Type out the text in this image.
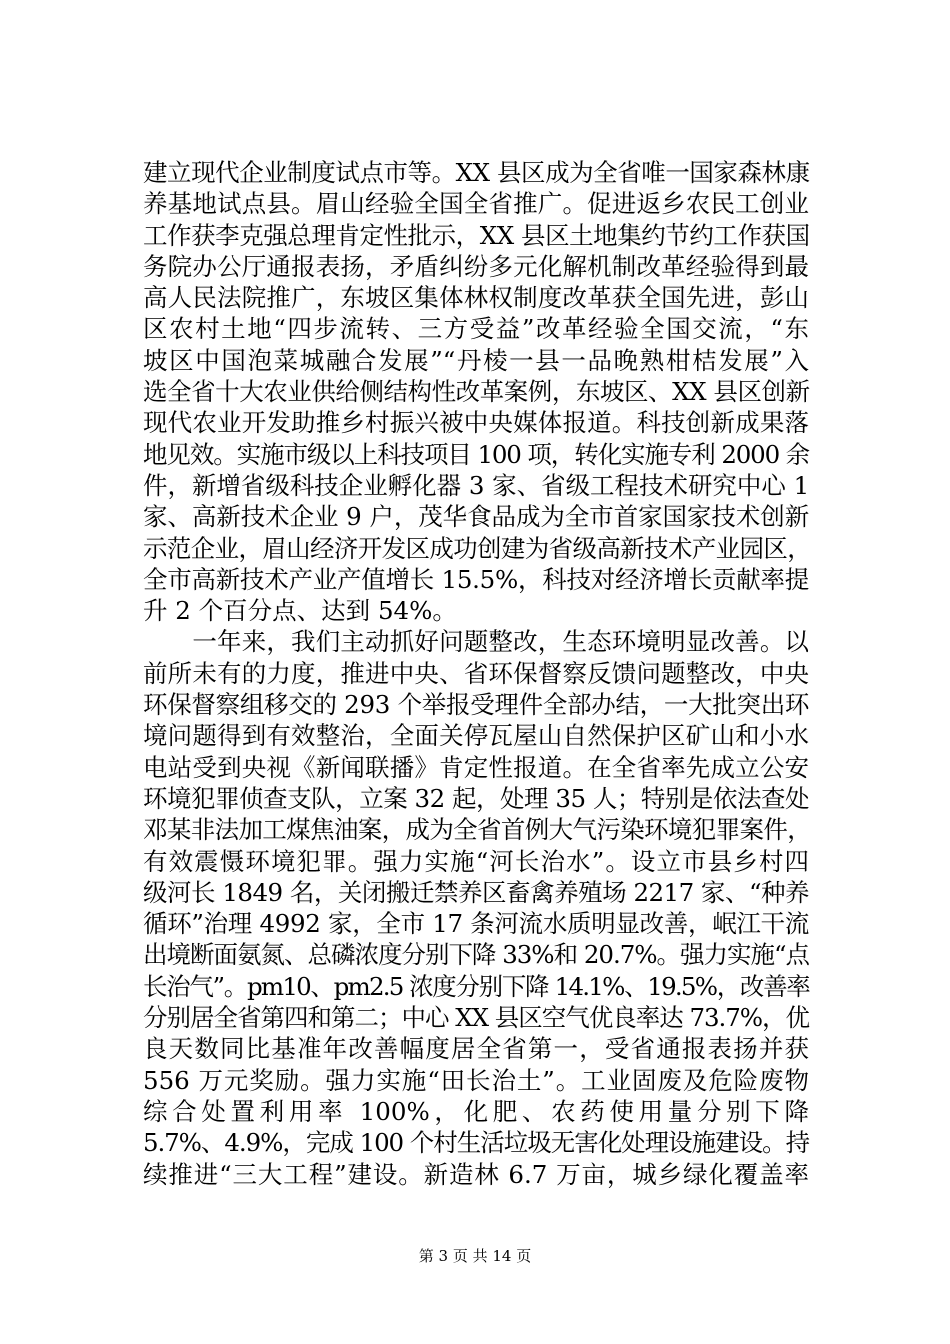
建立现代企业制度试点市等。XX 县区成为全省唯一国家森林康
养基地试点县。眉山经验全国全省推广。促进返乡农民工创业
工作获李克强总理肯定性批示，XX 县区土地集约节约工作获国
务院办公厅通报表扬，矛盾纠纷多元化解机制改革经验得到最
高人民法院推广，东坡区集体林权制度改革获全国先进，彭山
区农村土地“四步流转、三方受益”改革经验全国交流，“东
坡区中国泡菜城融合发展”“丹棱一县一品晚熟柑桔发展”入
选全省十大农业供给侧结构性改革案例，东坡区、XX 县区创新
现代农业开发助推乡村振兴被中央媒体报道。科技创新成果落
地见效。实施市级以上科技项目 100 项，转化实施专利 2000 余
件，新增省级科技企业孵化器 3 家、省级工程技术研究中心 1
家、高新技术企业 9 户，茂华食品成为全市首家国家技术创新
示范企业，眉山经济开发区成功创建为省级高新技术产业园区，
全市高新技术产业产值增长 15.5%，科技对经济增长贡献率提
升 2 个百分点、达到 54%。
　　一年来，我们主动抓好问题整改，生态环境明显改善。以
前所未有的力度，推进中央、省环保督察反馈问题整改，中央
环保督察组移交的 293 个举报受理件全部办结，一大批突出环
境问题得到有效整治，全面关停瓦屋山自然保护区矿山和小水
电站受到央视《新闻联播》肯定性报道。在全省率先成立公安
环境犯罪侦查支队，立案 32 起，处理 35 人；特别是依法查处
邓某非法加工煤焦油案，成为全省首例大气污染环境犯罪案件，
有效震慑环境犯罪。强力实施“河长治水”。设立市县乡村四
级河长 1849 名，关闭搬迁禁养区畜禽养殖场 2217 家、“种养
循环”治理 4992 家，全市 17 条河流水质明显改善，岷江干流
出境断面氨氮、总磷浓度分别下降 33%和 20.7%。强力实施“点
长治气”。pm10、pm2.5 浓度分别下降 14.1%、19.5%，改善率
分别居全省第四和第二；中心 XX 县区空气优良率达 73.7%，优
良天数同比基准年改善幅度居全省第一，受省通报表扬并获
556 万元奖励。强力实施“田长治土”。工业固废及危险废物
综合处置利用率 100%，化肥、农药使用量分别下降
5.7%、4.9%，完成 100 个村生活垃圾无害化处理设施建设。持
续推进“三大工程”建设。新造林 6.7 万亩，城乡绿化覆盖率
第 3 页 共 14 页
